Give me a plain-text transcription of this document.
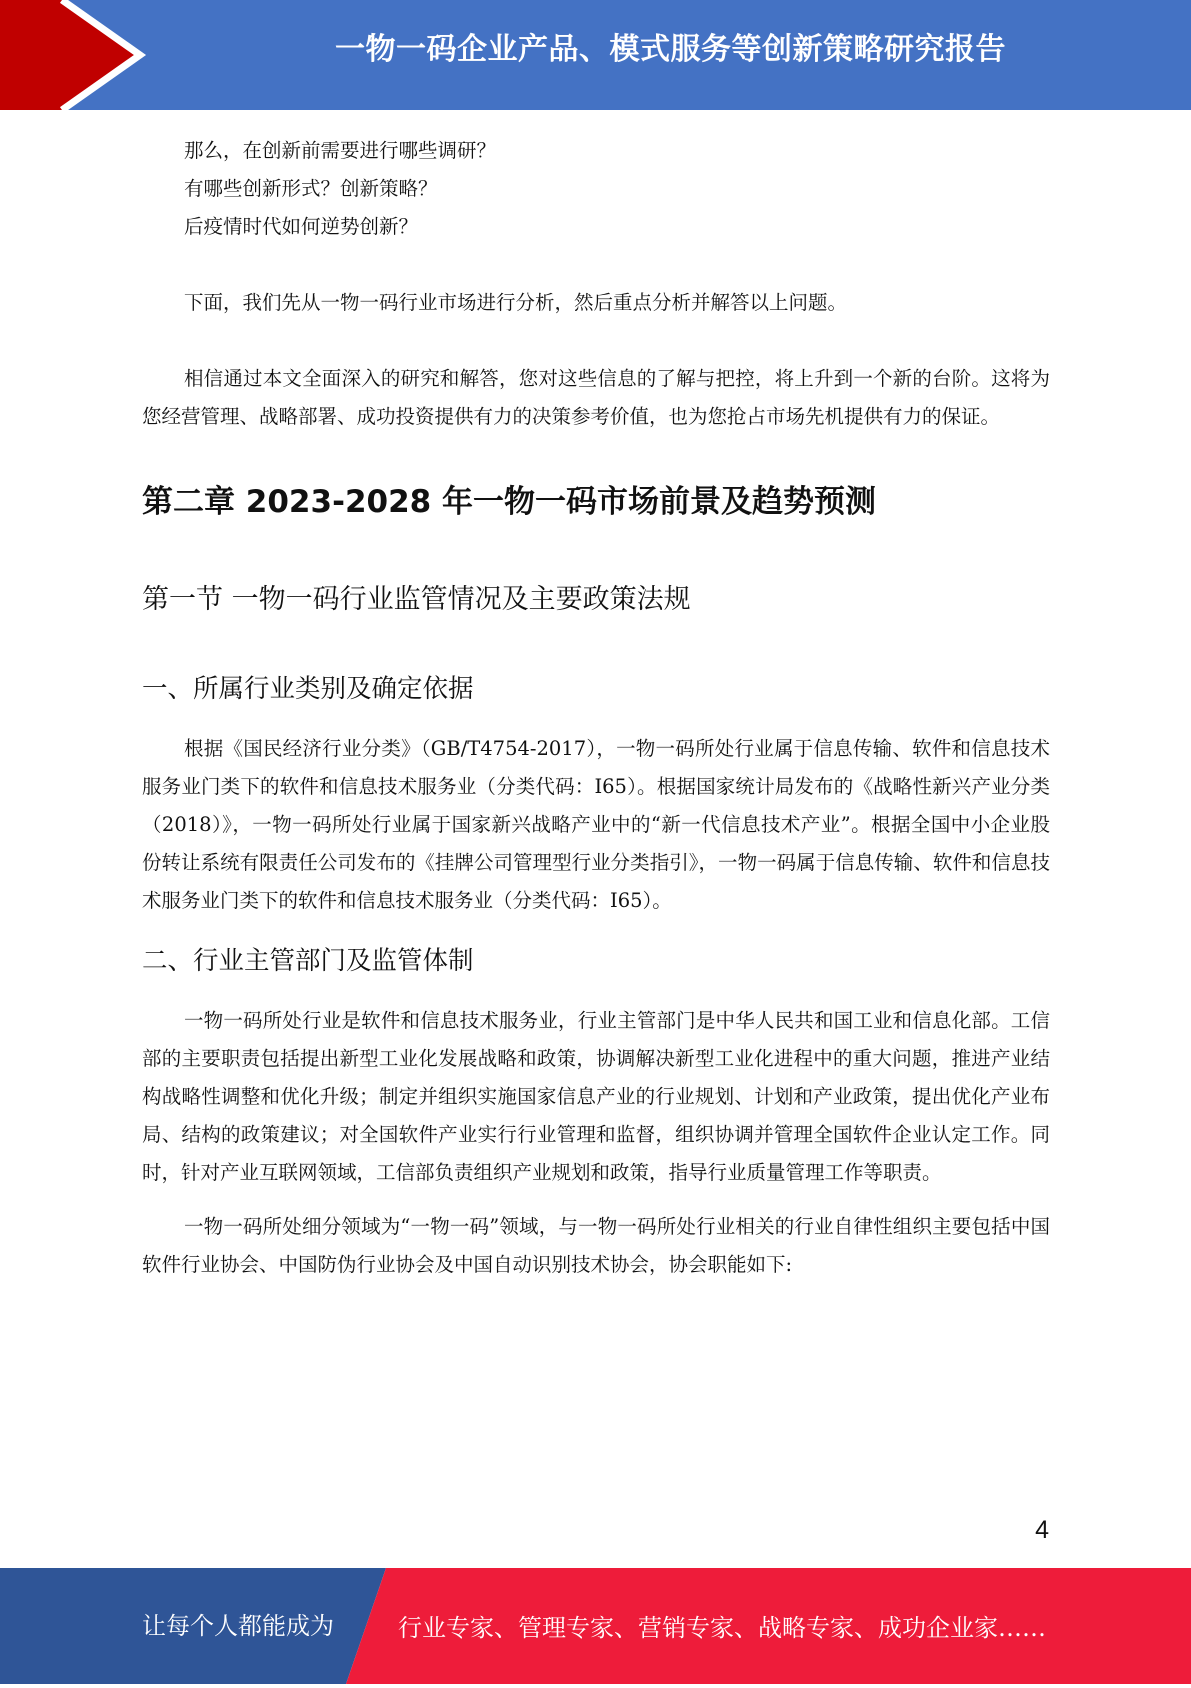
一物一码企业产品、模式服务等创新策略研究报告

那么，在创新前需要进行哪些调研？

有哪些创新形式？创新策略？

后疫情时代如何逆势创新？

下面，我们先从一物一码行业市场进行分析，然后重点分析并解答以上问题。

相信通过本文全面深入的研究和解答，您对这些信息的了解与把控，将上升到一个新的台阶。这将为您经营管理、战略部署、成功投资提供有力的决策参考价值，也为您抢占市场先机提供有力的保证。

第二章 2023-2028 年一物一码市场前景及趋势预测
第一节 一物一码行业监管情况及主要政策法规
一、所属行业类别及确定依据

根据《国民经济行业分类》（GB/T4754-2017），一物一码所处行业属于信息传输、软件和信息技术服务业门类下的软件和信息技术服务业（分类代码：I65）。根据国家统计局发布的《战略性新兴产业分类（2018）》，一物一码所处行业属于国家新兴战略产业中的“新一代信息技术产业”。根据全国中小企业股份转让系统有限责任公司发布的《挂牌公司管理型行业分类指引》，一物一码属于信息传输、软件和信息技术服务业门类下的软件和信息技术服务业（分类代码：I65）。

二、行业主管部门及监管体制

一物一码所处行业是软件和信息技术服务业，行业主管部门是中华人民共和国工业和信息化部。工信部的主要职责包括提出新型工业化发展战略和政策，协调解决新型工业化进程中的重大问题，推进产业结构战略性调整和优化升级；制定并组织实施国家信息产业的行业规划、计划和产业政策，提出优化产业布局、结构的政策建议；对全国软件产业实行行业管理和监督，组织协调并管理全国软件企业认定工作。同时，针对产业互联网领域，工信部负责组织产业规划和政策，指导行业质量管理工作等职责。

一物一码所处细分领域为“一物一码”领域，与一物一码所处行业相关的行业自律性组织主要包括中国软件行业协会、中国防伪行业协会及中国自动识别技术协会，协会职能如下:

4
让每个人都能成为	行业专家、管理专家、营销专家、战略专家、成功企业家……
